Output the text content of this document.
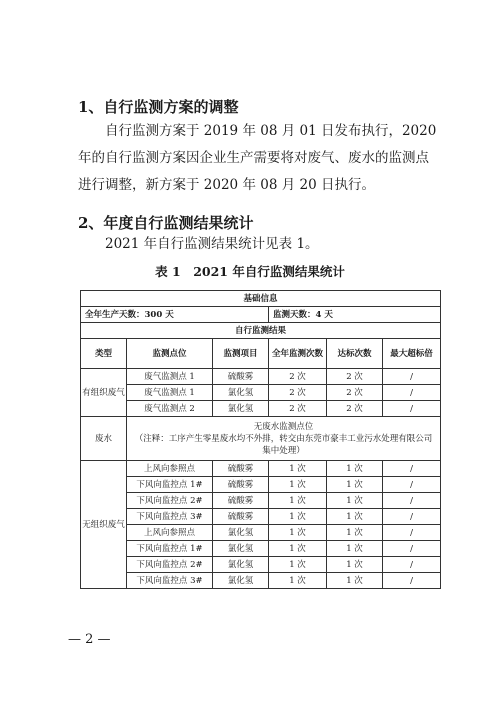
1、自行监测方案的调整
自行监测方案于 2019 年 08 月 01 日发布执行，2020 年的自行监测方案因企业生产需要将对废气、废水的监测点进行调整，新方案于 2020 年 08 月 20 日执行。
2、年度自行监测结果统计
2021 年自行监测结果统计见表 1。
表 1　2021 年自行监测结果统计
基础信息					
全年生产天数：300 天			监测天数：4 天		
自行监测结果					
类型	监测点位	监测项目	全年监测次数	达标次数	最大超标倍
有组织废气	废气监测点 1	硫酸雾	2 次	2 次	/
	废气监测点 1	氯化氢	2 次	2 次	/
	废气监测点 2	氯化氢	2 次	2 次	/
废水	无废水监测点位
（注释：工序产生零星废水均不外排，转交由东莞市豪丰工业污水处理有限公司集中处理）				

无组织废气	上风向参照点	硫酸雾	1 次	1 次	/
	下风向监控点 1#	硫酸雾	1 次	1 次	/
	下风向监控点 2#	硫酸雾	1 次	1 次	/
	下风向监控点 3#	硫酸雾	1 次	1 次	/
	上风向参照点	氯化氢	1 次	1 次	/
	下风向监控点 1#	氯化氢	1 次	1 次	/
	下风向监控点 2#	氯化氢	1 次	1 次	/
	下风向监控点 3#	氯化氢	1 次	1 次	/
— 2 —
